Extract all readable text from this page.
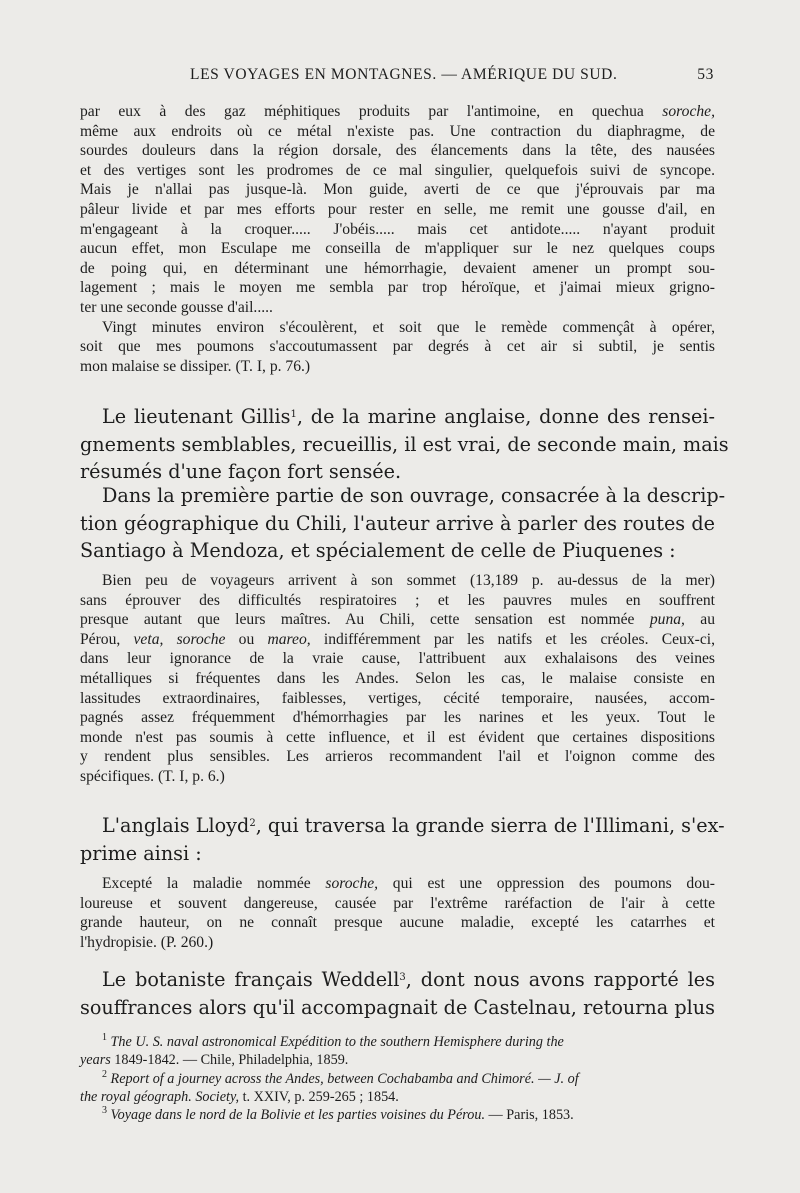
LES VOYAGES EN MONTAGNES. — AMÉRIQUE DU SUD.	53
par eux à des gaz méphitiques produits par l'antimoine, en quechua soroche,
même aux endroits où ce métal n'existe pas. Une contraction du diaphragme, de
sourdes douleurs dans la région dorsale, des élancements dans la tête, des nausées
et des vertiges sont les prodromes de ce mal singulier, quelquefois suivi de syncope.
Mais je n'allai pas jusque-là. Mon guide, averti de ce que j'éprouvais par ma
pâleur livide et par mes efforts pour rester en selle, me remit une gousse d'ail, en
m'engageant à la croquer..... J'obéis..... mais cet antidote..... n'ayant produit
aucun effet, mon Esculape me conseilla de m'appliquer sur le nez quelques coups
de poing qui, en déterminant une hémorrhagie, devaient amener un prompt sou-
lagement ; mais le moyen me sembla par trop héroïque, et j'aimai mieux grigno-
ter une seconde gousse d'ail.....
Vingt minutes environ s'écoulèrent, et soit que le remède commençât à opérer,
soit que mes poumons s'accoutumassent par degrés à cet air si subtil, je sentis
mon malaise se dissiper. (T. I, p. 76.)
Le lieutenant Gillis$^1$, de la marine anglaise, donne des rensei-
gnements semblables, recueillis, il est vrai, de seconde main, mais
résumés d'une façon fort sensée.
Dans la première partie de son ouvrage, consacrée à la descrip-
tion géographique du Chili, l'auteur arrive à parler des routes de
Santiago à Mendoza, et spécialement de celle de Piuquenes :
Bien peu de voyageurs arrivent à son sommet (13,189 p. au-dessus de la mer)
sans éprouver des difficultés respiratoires ; et les pauvres mules en souffrent
presque autant que leurs maîtres. Au Chili, cette sensation est nommée puna, au
Pérou, veta, soroche ou mareo, indifféremment par les natifs et les créoles. Ceux-ci,
dans leur ignorance de la vraie cause, l'attribuent aux exhalaisons des veines
métalliques si fréquentes dans les Andes. Selon les cas, le malaise consiste en
lassitudes extraordinaires, faiblesses, vertiges, cécité temporaire, nausées, accom-
pagnés assez fréquemment d'hémorrhagies par les narines et les yeux. Tout le
monde n'est pas soumis à cette influence, et il est évident que certaines dispositions
y rendent plus sensibles. Les arrieros recommandent l'ail et l'oignon comme des
spécifiques. (T. I, p. 6.)
L'anglais Lloyd$^2$, qui traversa la grande sierra de l'Illimani, s'ex-
prime ainsi :
Excepté la maladie nommée soroche, qui est une oppression des poumons dou-
loureuse et souvent dangereuse, causée par l'extrême raréfaction de l'air à cette
grande hauteur, on ne connaît presque aucune maladie, excepté les catarrhes et
l'hydropisie. (P. 260.)
Le botaniste français Weddell$^3$, dont nous avons rapporté les
souffrances alors qu'il accompagnait de Castelnau, retourna plus
$^1$ The U. S. naval astronomical Expédition to the southern Hemisphere during the
years 1849-1842. — Chile, Philadelphia, 1859.
$^2$ Report of a journey across the Andes, between Cochabamba and Chimoré. — J. of
the royal géograph. Society, t. XXIV, p. 259-265 ; 1854.
$^3$ Voyage dans le nord de la Bolivie et les parties voisines du Pérou. — Paris, 1853.
